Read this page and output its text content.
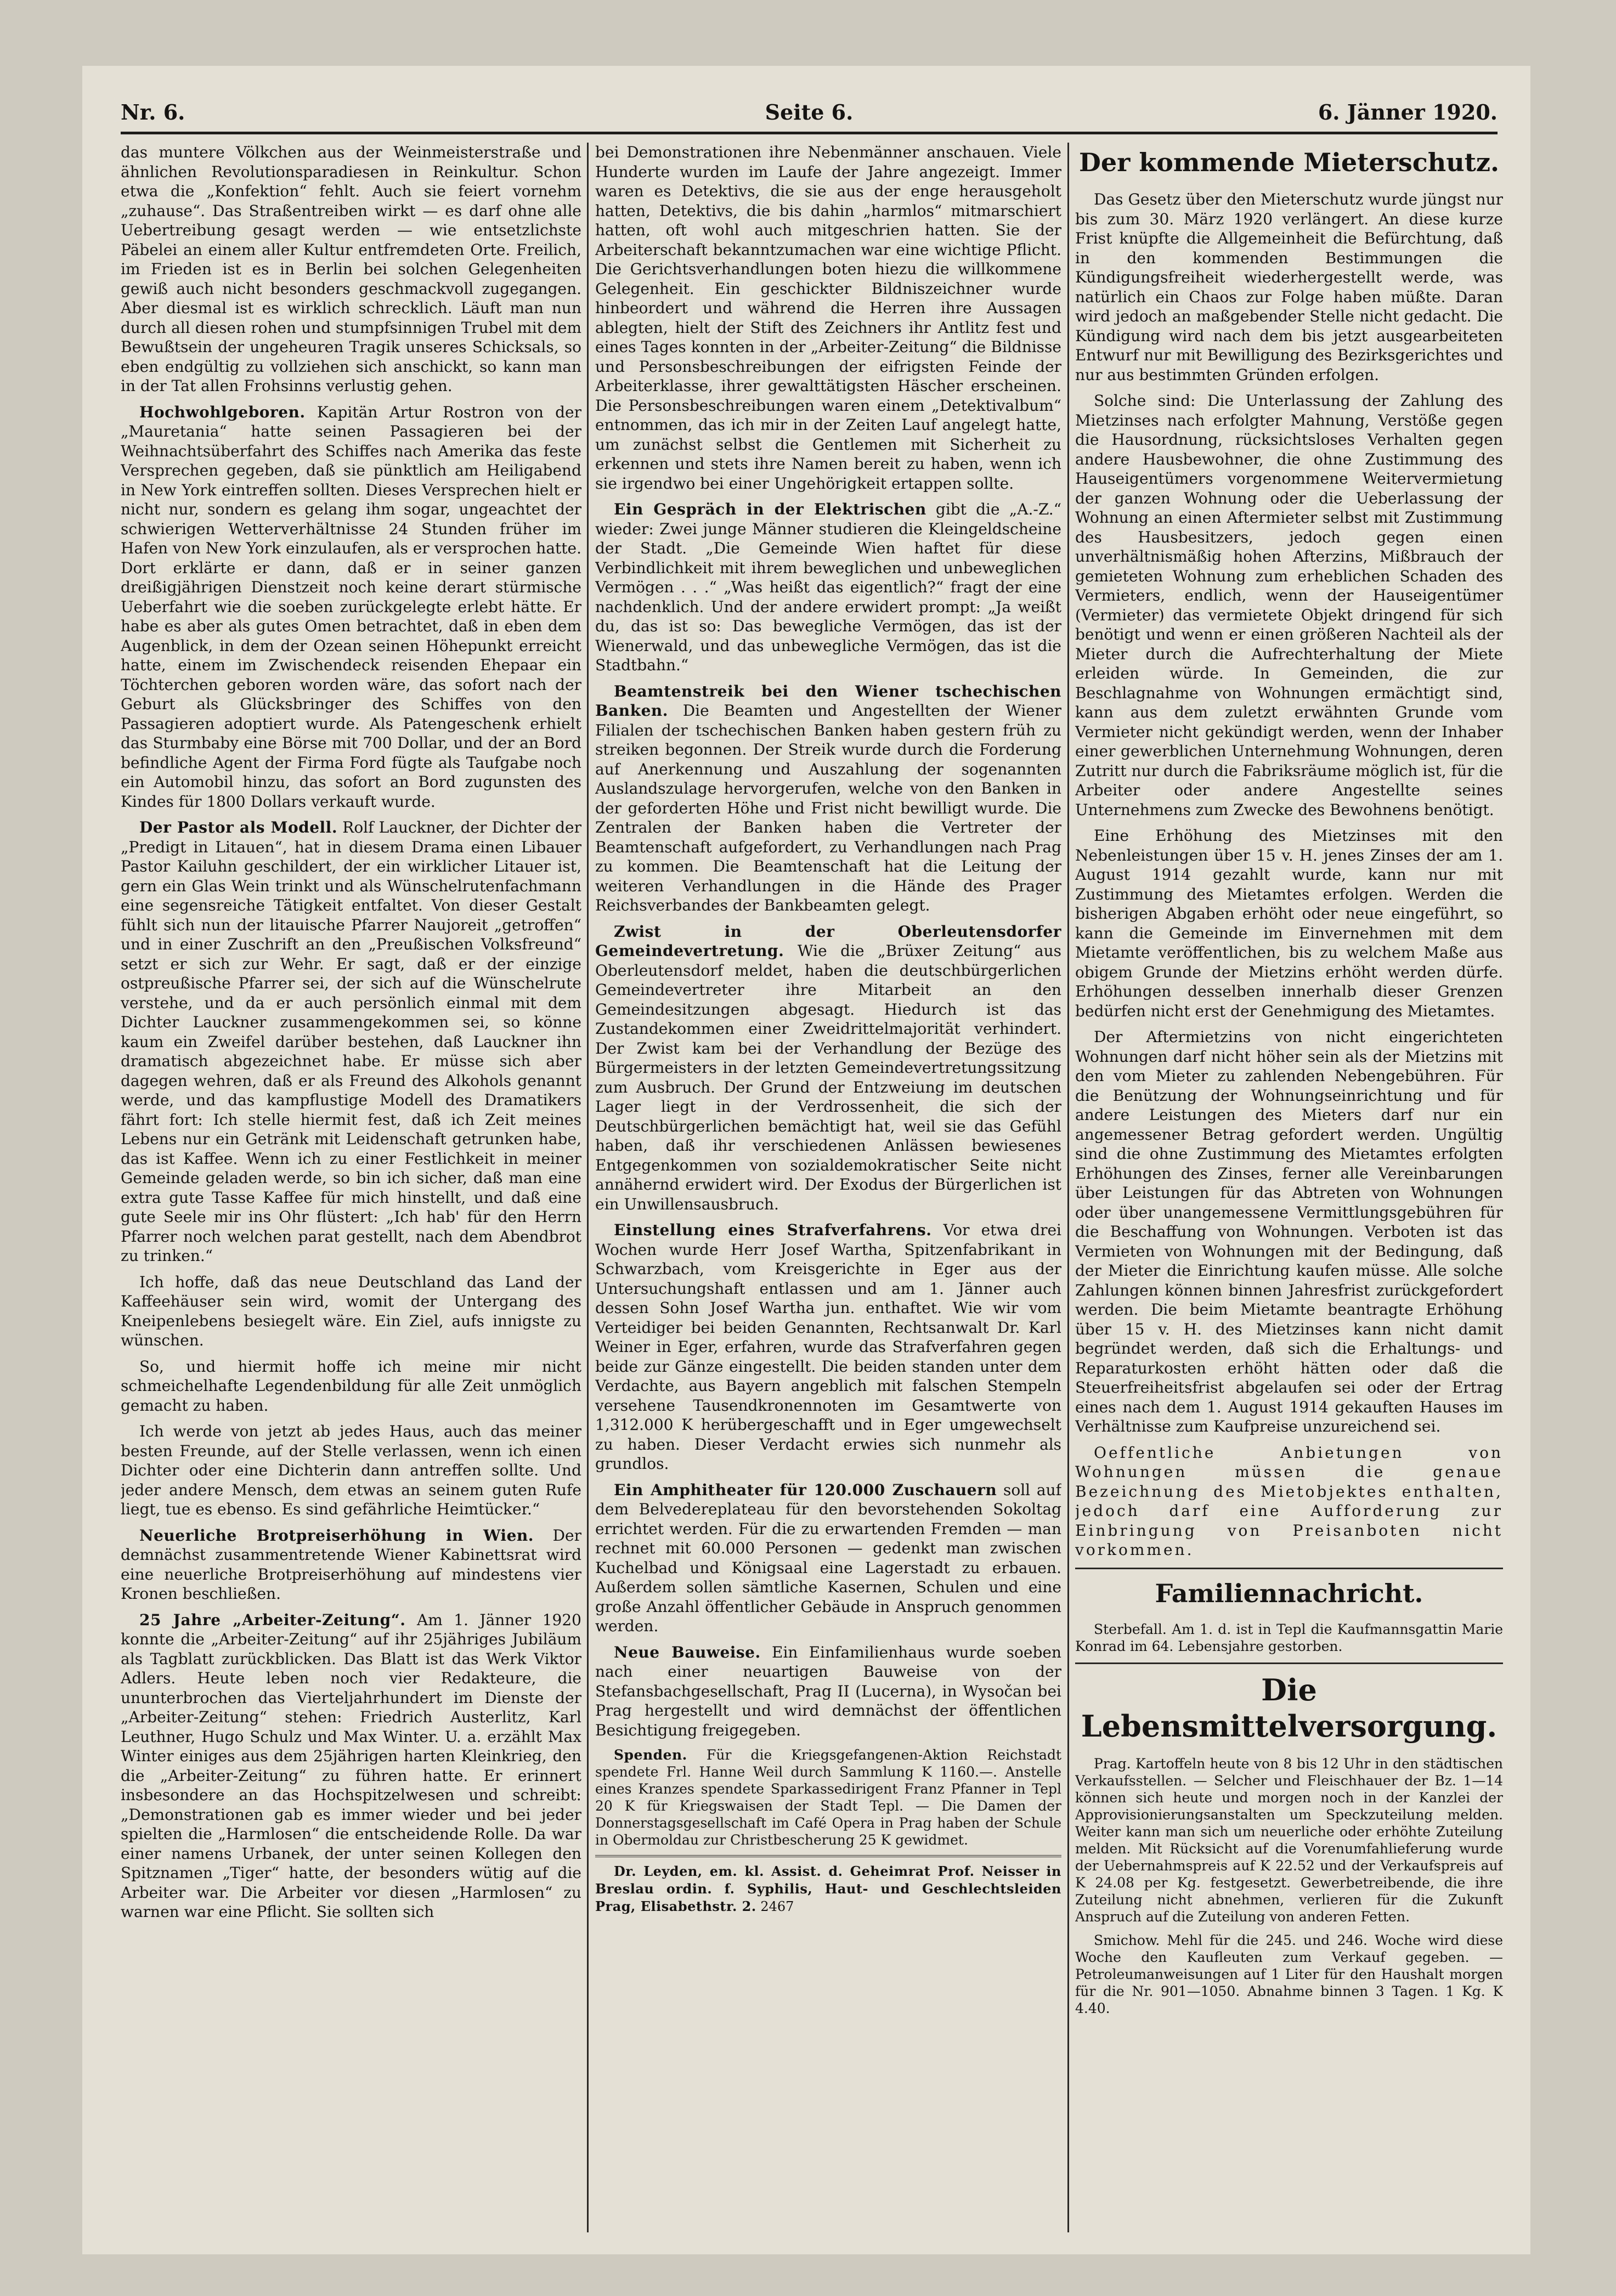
Nr. 6.	Seite 6.	6. Jänner 1920.

das muntere Völkchen aus der Weinmeisterstraße und ähnlichen Revolutionsparadiesen in Reinkultur. Schon etwa die „Konfektion“ fehlt. Auch sie feiert vornehm „zuhause“. Das Straßentreiben wirkt — es darf ohne alle Uebertreibung gesagt werden — wie entsetzlichste Päbelei an einem aller Kultur entfremdeten Orte. Freilich, im Frieden ist es in Berlin bei solchen Gelegenheiten gewiß auch nicht besonders geschmackvoll zugegangen. Aber diesmal ist es wirklich schrecklich. Läuft man nun durch all diesen rohen und stumpfsinnigen Trubel mit dem Bewußtsein der ungeheuren Tragik unseres Schicksals, so eben endgültig zu vollziehen sich anschickt, so kann man in der Tat allen Frohsinns verlustig gehen.

Hochwohlgeboren. Kapitän Artur Rostron von der „Mauretania“ hatte seinen Passagieren bei der Weihnachtsüberfahrt des Schiffes nach Amerika das feste Versprechen gegeben, daß sie pünktlich am Heiligabend in New York eintreffen sollten. Dieses Versprechen hielt er nicht nur, sondern es gelang ihm sogar, ungeachtet der schwierigen Wetterverhältnisse 24 Stunden früher im Hafen von New York einzulaufen, als er versprochen hatte. Dort erklärte er dann, daß er in seiner ganzen dreißigjährigen Dienstzeit noch keine derart stürmische Ueberfahrt wie die soeben zurückgelegte erlebt hätte. Er habe es aber als gutes Omen betrachtet, daß in eben dem Augenblick, in dem der Ozean seinen Höhepunkt erreicht hatte, einem im Zwischendeck reisenden Ehepaar ein Töchterchen geboren worden wäre, das sofort nach der Geburt als Glücksbringer des Schiffes von den Passagieren adoptiert wurde. Als Patengeschenk erhielt das Sturmbaby eine Börse mit 700 Dollar, und der an Bord befindliche Agent der Firma Ford fügte als Taufgabe noch ein Automobil hinzu, das sofort an Bord zugunsten des Kindes für 1800 Dollars verkauft wurde.

Der Pastor als Modell. Rolf Lauckner, der Dichter der „Predigt in Litauen“, hat in diesem Drama einen Libauer Pastor Kailuhn geschildert, der ein wirklicher Litauer ist, gern ein Glas Wein trinkt und als Wünschelrutenfachmann eine segensreiche Tätigkeit entfaltet. Von dieser Gestalt fühlt sich nun der litauische Pfarrer Naujoreit „getroffen“ und in einer Zuschrift an den „Preußischen Volksfreund“ setzt er sich zur Wehr. Er sagt, daß er der einzige ostpreußische Pfarrer sei, der sich auf die Wünschelrute verstehe, und da er auch persönlich einmal mit dem Dichter Lauckner zusammengekommen sei, so könne kaum ein Zweifel darüber bestehen, daß Lauckner ihn dramatisch abgezeichnet habe. Er müsse sich aber dagegen wehren, daß er als Freund des Alkohols genannt werde, und das kampflustige Modell des Dramatikers fährt fort: Ich stelle hiermit fest, daß ich Zeit meines Lebens nur ein Getränk mit Leidenschaft getrunken habe, das ist Kaffee. Wenn ich zu einer Festlichkeit in meiner Gemeinde geladen werde, so bin ich sicher, daß man eine extra gute Tasse Kaffee für mich hinstellt, und daß eine gute Seele mir ins Ohr flüstert: „Ich hab' für den Herrn Pfarrer noch welchen parat gestellt, nach dem Abendbrot zu trinken.“

Ich hoffe, daß das neue Deutschland das Land der Kaffeehäuser sein wird, womit der Untergang des Kneipenlebens besiegelt wäre. Ein Ziel, aufs innigste zu wünschen.

So, und hiermit hoffe ich meine mir nicht schmeichelhafte Legendenbildung für alle Zeit unmöglich gemacht zu haben.

Ich werde von jetzt ab jedes Haus, auch das meiner besten Freunde, auf der Stelle verlassen, wenn ich einen Dichter oder eine Dichterin dann antreffen sollte. Und jeder andere Mensch, dem etwas an seinem guten Rufe liegt, tue es ebenso. Es sind gefährliche Heimtücker.“

Neuerliche Brotpreiserhöhung in Wien. Der demnächst zusammentretende Wiener Kabinettsrat wird eine neuerliche Brotpreiserhöhung auf mindestens vier Kronen beschließen.

25 Jahre „Arbeiter-Zeitung“. Am 1. Jänner 1920 konnte die „Arbeiter-Zeitung“ auf ihr 25jähriges Jubiläum als Tagblatt zurückblicken. Das Blatt ist das Werk Viktor Adlers. Heute leben noch vier Redakteure, die ununterbrochen das Vierteljahrhundert im Dienste der „Arbeiter-Zeitung“ stehen: Friedrich Austerlitz, Karl Leuthner, Hugo Schulz und Max Winter. U. a. erzählt Max Winter einiges aus dem 25jährigen harten Kleinkrieg, den die „Arbeiter-Zeitung“ zu führen hatte. Er erinnert insbesondere an das Hochspitzelwesen und schreibt: „Demonstrationen gab es immer wieder und bei jeder spielten die „Harmlosen“ die entscheidende Rolle. Da war einer namens Urbanek, der unter seinen Kollegen den Spitznamen „Tiger“ hatte, der besonders wütig auf die Arbeiter war. Die Arbeiter vor diesen „Harmlosen“ zu warnen war eine Pflicht. Sie sollten sich

bei Demonstrationen ihre Nebenmänner anschauen. Viele Hunderte wurden im Laufe der Jahre angezeigt. Immer waren es Detektivs, die sie aus der enge herausgeholt hatten, Detektivs, die bis dahin „harmlos“ mitmarschiert hatten, oft wohl auch mitgeschrien hatten. Sie der Arbeiterschaft bekanntzumachen war eine wichtige Pflicht. Die Gerichtsverhandlungen boten hiezu die willkommene Gelegenheit. Ein geschickter Bildniszeichner wurde hinbeordert und während die Herren ihre Aussagen ablegten, hielt der Stift des Zeichners ihr Antlitz fest und eines Tages konnten in der „Arbeiter-Zeitung“ die Bildnisse und Personsbeschreibungen der eifrigsten Feinde der Arbeiterklasse, ihrer gewalttätigsten Häscher erscheinen. Die Personsbeschreibungen waren einem „Detektivalbum“ entnommen, das ich mir in der Zeiten Lauf angelegt hatte, um zunächst selbst die Gentlemen mit Sicherheit zu erkennen und stets ihre Namen bereit zu haben, wenn ich sie irgendwo bei einer Ungehörigkeit ertappen sollte.

Ein Gespräch in der Elektrischen gibt die „A.-Z.“ wieder: Zwei junge Männer studieren die Kleingeldscheine der Stadt. „Die Gemeinde Wien haftet für diese Verbindlichkeit mit ihrem beweglichen und unbeweglichen Vermögen . . .“ „Was heißt das eigentlich?“ fragt der eine nachdenklich. Und der andere erwidert prompt: „Ja weißt du, das ist so: Das bewegliche Vermögen, das ist der Wienerwald, und das unbewegliche Vermögen, das ist die Stadtbahn.“

Beamtenstreik bei den Wiener tschechischen Banken. Die Beamten und Angestellten der Wiener Filialen der tschechischen Banken haben gestern früh zu streiken begonnen. Der Streik wurde durch die Forderung auf Anerkennung und Auszahlung der sogenannten Auslandszulage hervorgerufen, welche von den Banken in der geforderten Höhe und Frist nicht bewilligt wurde. Die Zentralen der Banken haben die Vertreter der Beamtenschaft aufgefordert, zu Verhandlungen nach Prag zu kommen. Die Beamtenschaft hat die Leitung der weiteren Verhandlungen in die Hände des Prager Reichsverbandes der Bankbeamten gelegt.

Zwist in der Oberleutensdorfer Gemeindevertretung. Wie die „Brüxer Zeitung“ aus Oberleutensdorf meldet, haben die deutschbürgerlichen Gemeindevertreter ihre Mitarbeit an den Gemeindesitzungen abgesagt. Hiedurch ist das Zustandekommen einer Zweidrittelmajorität verhindert. Der Zwist kam bei der Verhandlung der Bezüge des Bürgermeisters in der letzten Gemeindevertretungssitzung zum Ausbruch. Der Grund der Entzweiung im deutschen Lager liegt in der Verdrossenheit, die sich der Deutschbürgerlichen bemächtigt hat, weil sie das Gefühl haben, daß ihr verschiedenen Anlässen bewiesenes Entgegenkommen von sozialdemokratischer Seite nicht annähernd erwidert wird. Der Exodus der Bürgerlichen ist ein Unwillensausbruch.

Einstellung eines Strafverfahrens. Vor etwa drei Wochen wurde Herr Josef Wartha, Spitzenfabrikant in Schwarzbach, vom Kreisgerichte in Eger aus der Untersuchungshaft entlassen und am 1. Jänner auch dessen Sohn Josef Wartha jun. enthaftet. Wie wir vom Verteidiger bei beiden Genannten, Rechtsanwalt Dr. Karl Weiner in Eger, erfahren, wurde das Strafverfahren gegen beide zur Gänze eingestellt. Die beiden standen unter dem Verdachte, aus Bayern angeblich mit falschen Stempeln versehene Tausendkronennoten im Gesamtwerte von 1,312.000 K herübergeschafft und in Eger umgewechselt zu haben. Dieser Verdacht erwies sich nunmehr als grundlos.

Ein Amphitheater für 120.000 Zuschauern soll auf dem Belvedereplateau für den bevorstehenden Sokoltag errichtet werden. Für die zu erwartenden Fremden — man rechnet mit 60.000 Personen — gedenkt man zwischen Kuchelbad und Königsaal eine Lagerstadt zu erbauen. Außerdem sollen sämtliche Kasernen, Schulen und eine große Anzahl öffentlicher Gebäude in Anspruch genommen werden.

Neue Bauweise. Ein Einfamilienhaus wurde soeben nach einer neuartigen Bauweise von der Stefansbachgesellschaft, Prag II (Lucerna), in Wysočan bei Prag hergestellt und wird demnächst der öffentlichen Besichtigung freigegeben.

Spenden. Für die Kriegsgefangenen-Aktion Reichstadt spendete Frl. Hanne Weil durch Sammlung K 1160.—. Anstelle eines Kranzes spendete Sparkassedirigent Franz Pfanner in Tepl 20 K für Kriegswaisen der Stadt Tepl. — Die Damen der Donnerstagsgesellschaft im Café Opera in Prag haben der Schule in Obermoldau zur Christbescherung 25 K gewidmet.

Dr. Leyden, em. kl. Assist. d. Geheimrat Prof. Neisser in Breslau ordin. f. Syphilis, Haut- und Geschlechtsleiden Prag, Elisabethstr. 2. 2467

Der kommende Mieterschutz.

Das Gesetz über den Mieterschutz wurde jüngst nur bis zum 30. März 1920 verlängert. An diese kurze Frist knüpfte die Allgemeinheit die Befürchtung, daß in den kommenden Bestimmungen die Kündigungsfreiheit wiederhergestellt werde, was natürlich ein Chaos zur Folge haben müßte. Daran wird jedoch an maßgebender Stelle nicht gedacht. Die Kündigung wird nach dem bis jetzt ausgearbeiteten Entwurf nur mit Bewilligung des Bezirksgerichtes und nur aus bestimmten Gründen erfolgen.

Solche sind: Die Unterlassung der Zahlung des Mietzinses nach erfolgter Mahnung, Verstöße gegen die Hausordnung, rücksichtsloses Verhalten gegen andere Hausbewohner, die ohne Zustimmung des Hauseigentümers vorgenommene Weitervermietung der ganzen Wohnung oder die Ueberlassung der Wohnung an einen Aftermieter selbst mit Zustimmung des Hausbesitzers, jedoch gegen einen unverhältnismäßig hohen Afterzins, Mißbrauch der gemieteten Wohnung zum erheblichen Schaden des Vermieters, endlich, wenn der Hauseigentümer (Vermieter) das vermietete Objekt dringend für sich benötigt und wenn er einen größeren Nachteil als der Mieter durch die Aufrechterhaltung der Miete erleiden würde. In Gemeinden, die zur Beschlagnahme von Wohnungen ermächtigt sind, kann aus dem zuletzt erwähnten Grunde vom Vermieter nicht gekündigt werden, wenn der Inhaber einer gewerblichen Unternehmung Wohnungen, deren Zutritt nur durch die Fabriksräume möglich ist, für die Arbeiter oder andere Angestellte seines Unternehmens zum Zwecke des Bewohnens benötigt.

Eine Erhöhung des Mietzinses mit den Nebenleistungen über 15 v. H. jenes Zinses der am 1. August 1914 gezahlt wurde, kann nur mit Zustimmung des Mietamtes erfolgen. Werden die bisherigen Abgaben erhöht oder neue eingeführt, so kann die Gemeinde im Einvernehmen mit dem Mietamte veröffentlichen, bis zu welchem Maße aus obigem Grunde der Mietzins erhöht werden dürfe. Erhöhungen desselben innerhalb dieser Grenzen bedürfen nicht erst der Genehmigung des Mietamtes.

Der Aftermietzins von nicht eingerichteten Wohnungen darf nicht höher sein als der Mietzins mit den vom Mieter zu zahlenden Nebengebühren. Für die Benützung der Wohnungseinrichtung und für andere Leistungen des Mieters darf nur ein angemessener Betrag gefordert werden. Ungültig sind die ohne Zustimmung des Mietamtes erfolgten Erhöhungen des Zinses, ferner alle Vereinbarungen über Leistungen für das Abtreten von Wohnungen oder über unangemessene Vermittlungsgebühren für die Beschaffung von Wohnungen. Verboten ist das Vermieten von Wohnungen mit der Bedingung, daß der Mieter die Einrichtung kaufen müsse. Alle solche Zahlungen können binnen Jahresfrist zurückgefordert werden. Die beim Mietamte beantragte Erhöhung über 15 v. H. des Mietzinses kann nicht damit begründet werden, daß sich die Erhaltungs- und Reparaturkosten erhöht hätten oder daß die Steuerfreiheitsfrist abgelaufen sei oder der Ertrag eines nach dem 1. August 1914 gekauften Hauses im Verhältnisse zum Kaufpreise unzureichend sei.

Oeffentliche Anbietungen von Wohnungen müssen die genaue Bezeichnung des Mietobjektes enthalten, jedoch darf eine Aufforderung zur Einbringung von Preisanboten nicht vorkommen.

Familiennachricht.

Sterbefall. Am 1. d. ist in Tepl die Kaufmannsgattin Marie Konrad im 64. Lebensjahre gestorben.

Die Lebensmittelversorgung.

Prag. Kartoffeln heute von 8 bis 12 Uhr in den städtischen Verkaufsstellen. — Selcher und Fleischhauer der Bz. 1—14 können sich heute und morgen noch in der Kanzlei der Approvisionierungsanstalten um Speckzuteilung melden. Weiter kann man sich um neuerliche oder erhöhte Zuteilung melden. Mit Rücksicht auf die Vorenumfahlieferung wurde der Uebernahmspreis auf K 22.52 und der Verkaufspreis auf K 24.08 per Kg. festgesetzt. Gewerbetreibende, die ihre Zuteilung nicht abnehmen, verlieren für die Zukunft Anspruch auf die Zuteilung von anderen Fetten.

Smichow. Mehl für die 245. und 246. Woche wird diese Woche den Kaufleuten zum Verkauf gegeben. — Petroleumanweisungen auf 1 Liter für den Haushalt morgen für die Nr. 901—1050. Abnahme binnen 3 Tagen. 1 Kg. K 4.40.
